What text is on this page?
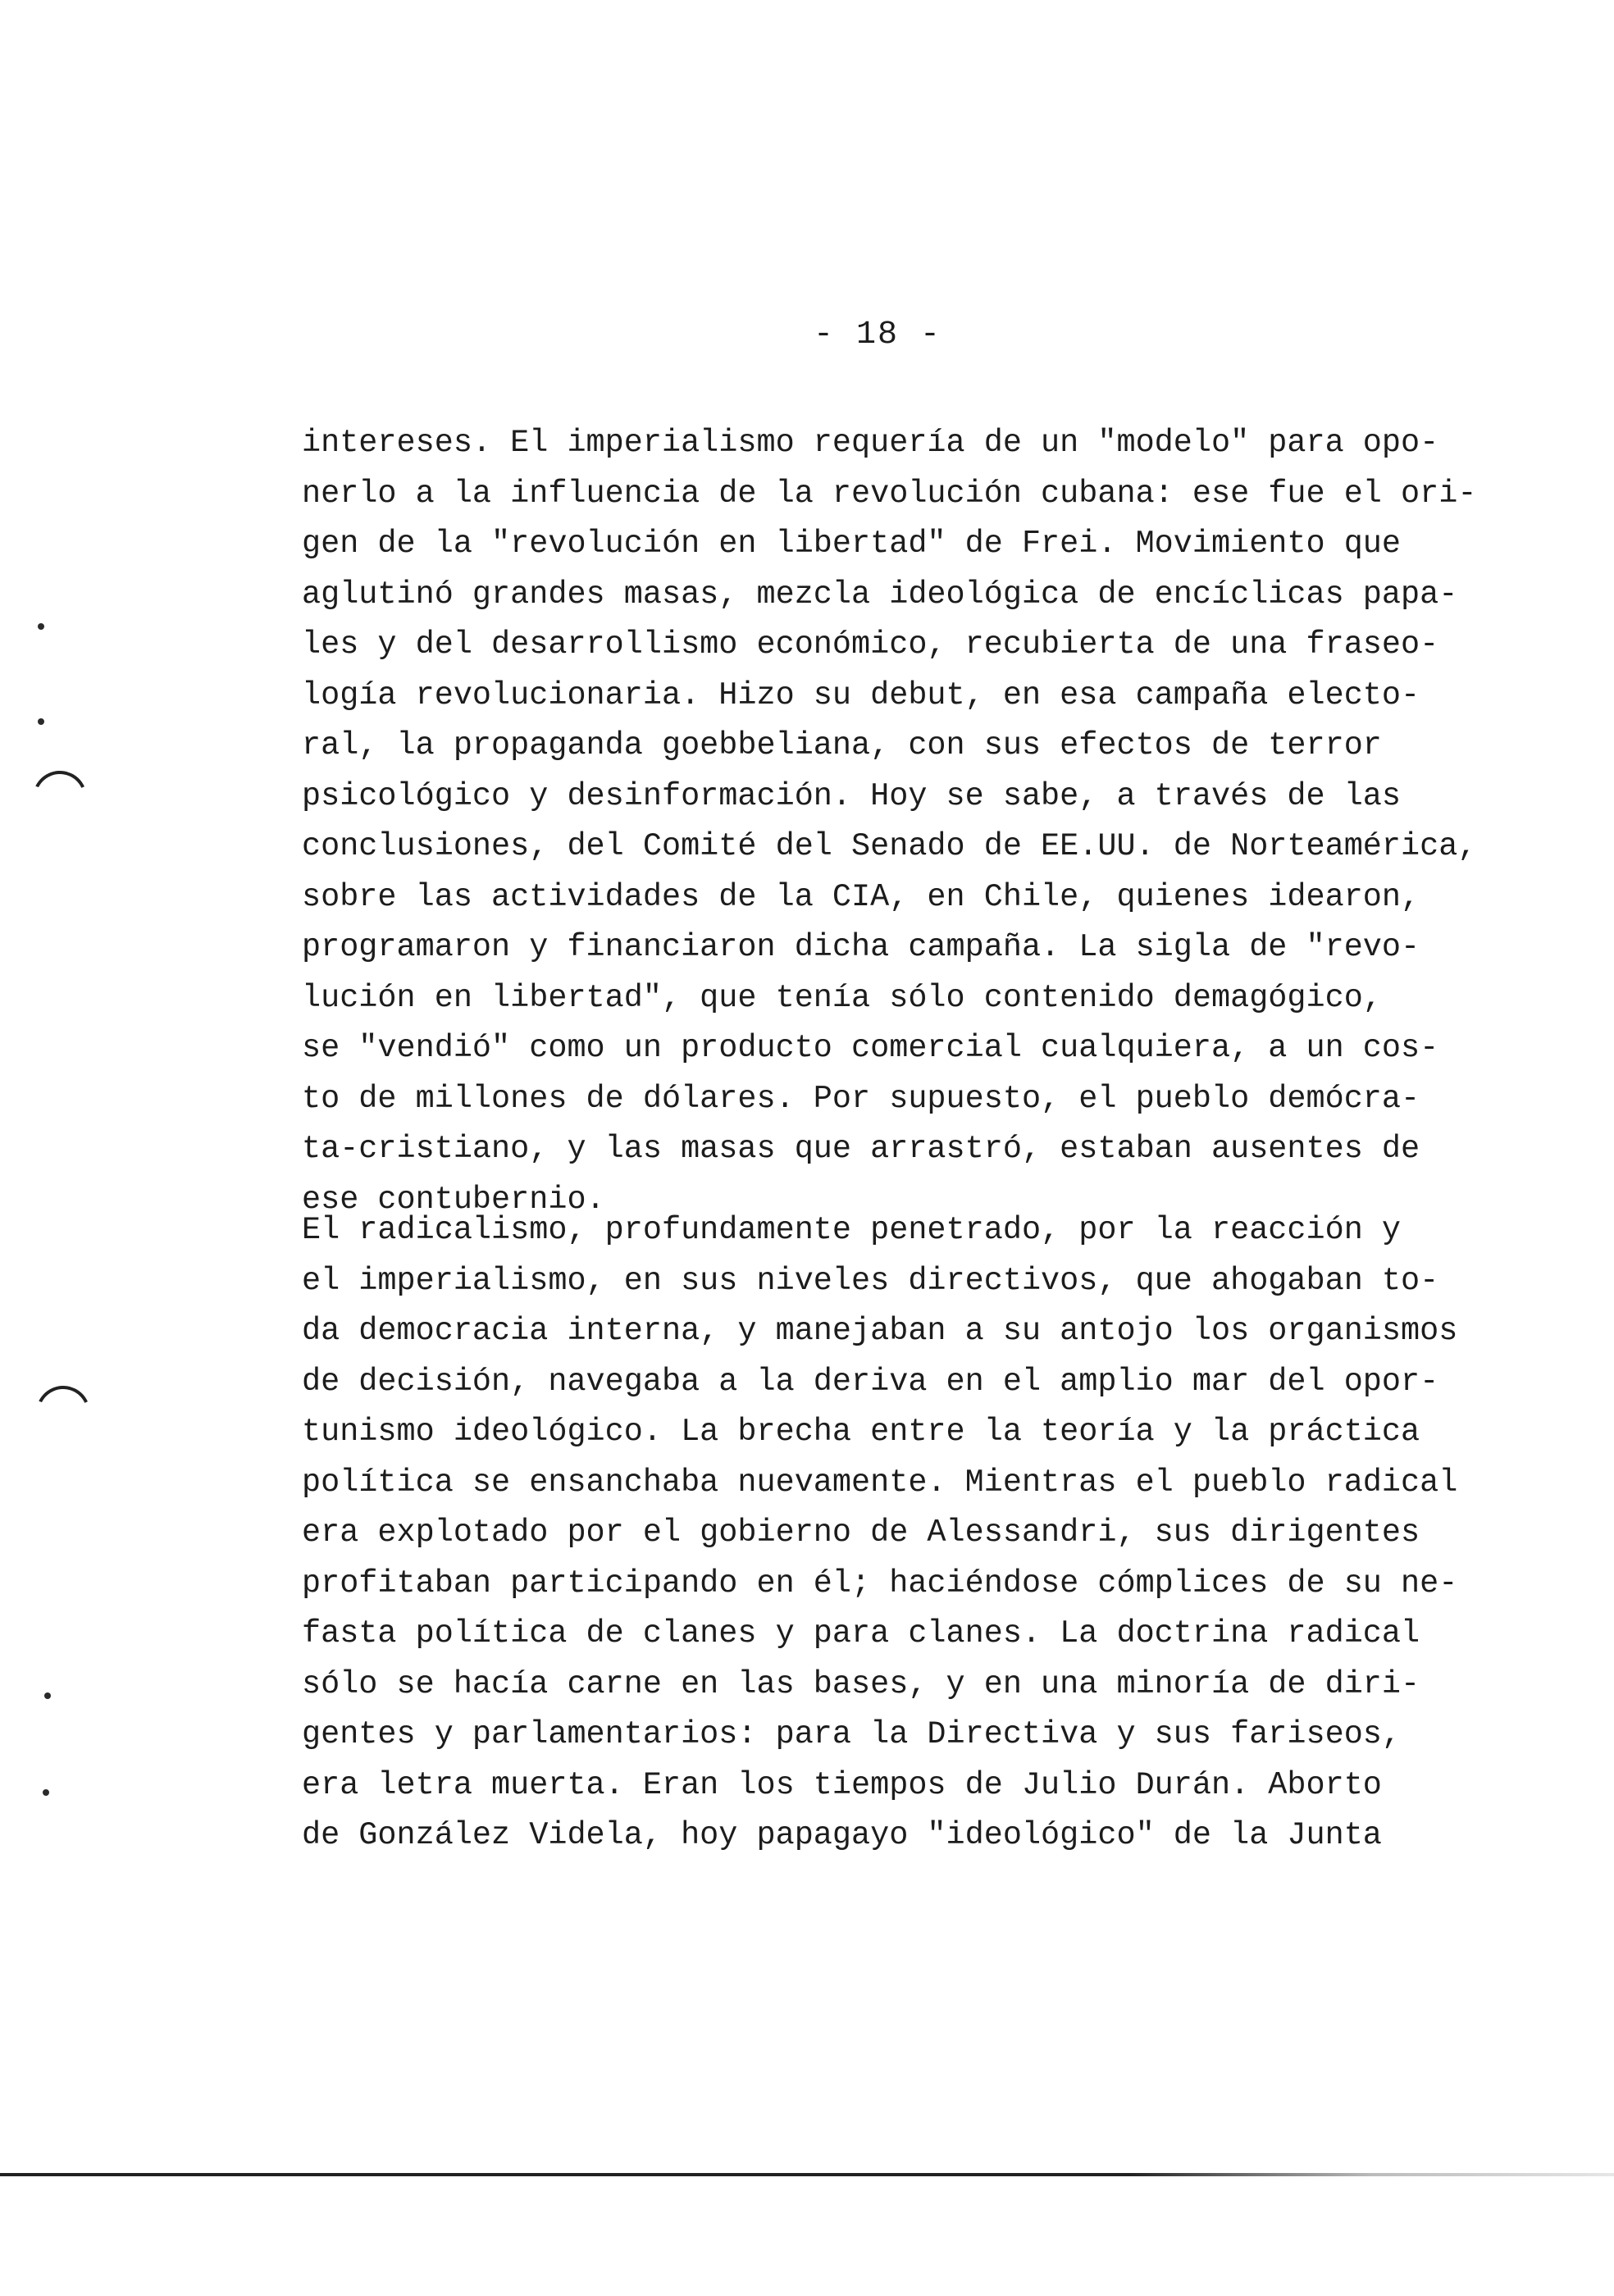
- 18 -
intereses. El imperialismo requería de un "modelo" para opo-
nerlo a la influencia de la revolución cubana: ese fue el ori-
gen de la "revolución en libertad" de Frei. Movimiento que
aglutinó grandes masas, mezcla ideológica de encíclicas papa-
les y del desarrollismo económico, recubierta de una fraseo-
logía revolucionaria. Hizo su debut, en esa campaña electo-
ral, la propaganda goebbeliana, con sus efectos de terror
psicológico y desinformación. Hoy se sabe, a través de las
conclusiones, del Comité del Senado de EE.UU. de Norteamérica,
sobre las actividades de la CIA, en Chile, quienes idearon,
programaron y financiaron dicha campaña. La sigla de "revo-
lución en libertad", que tenía sólo contenido demagógico,
se "vendió" como un producto comercial cualquiera, a un cos-
to de millones de dólares. Por supuesto, el pueblo demócra-
ta-cristiano, y las masas que arrastró, estaban ausentes de
ese contubernio.
El radicalismo, profundamente penetrado, por la reacción y
el imperialismo, en sus niveles directivos, que ahogaban to-
da democracia interna, y manejaban a su antojo los organismos
de decisión, navegaba a la deriva en el amplio mar del opor-
tunismo ideológico. La brecha entre la teoría y la práctica
política se ensanchaba nuevamente. Mientras el pueblo radical
era explotado por el gobierno de Alessandri, sus dirigentes
profitaban participando en él; haciéndose cómplices de su ne-
fasta política de clanes y para clanes. La doctrina radical
sólo se hacía carne en las bases, y en una minoría de diri-
gentes y parlamentarios: para la Directiva y sus fariseos,
era letra muerta. Eran los tiempos de Julio Durán. Aborto
de González Videla, hoy papagayo "ideológico" de la Junta
